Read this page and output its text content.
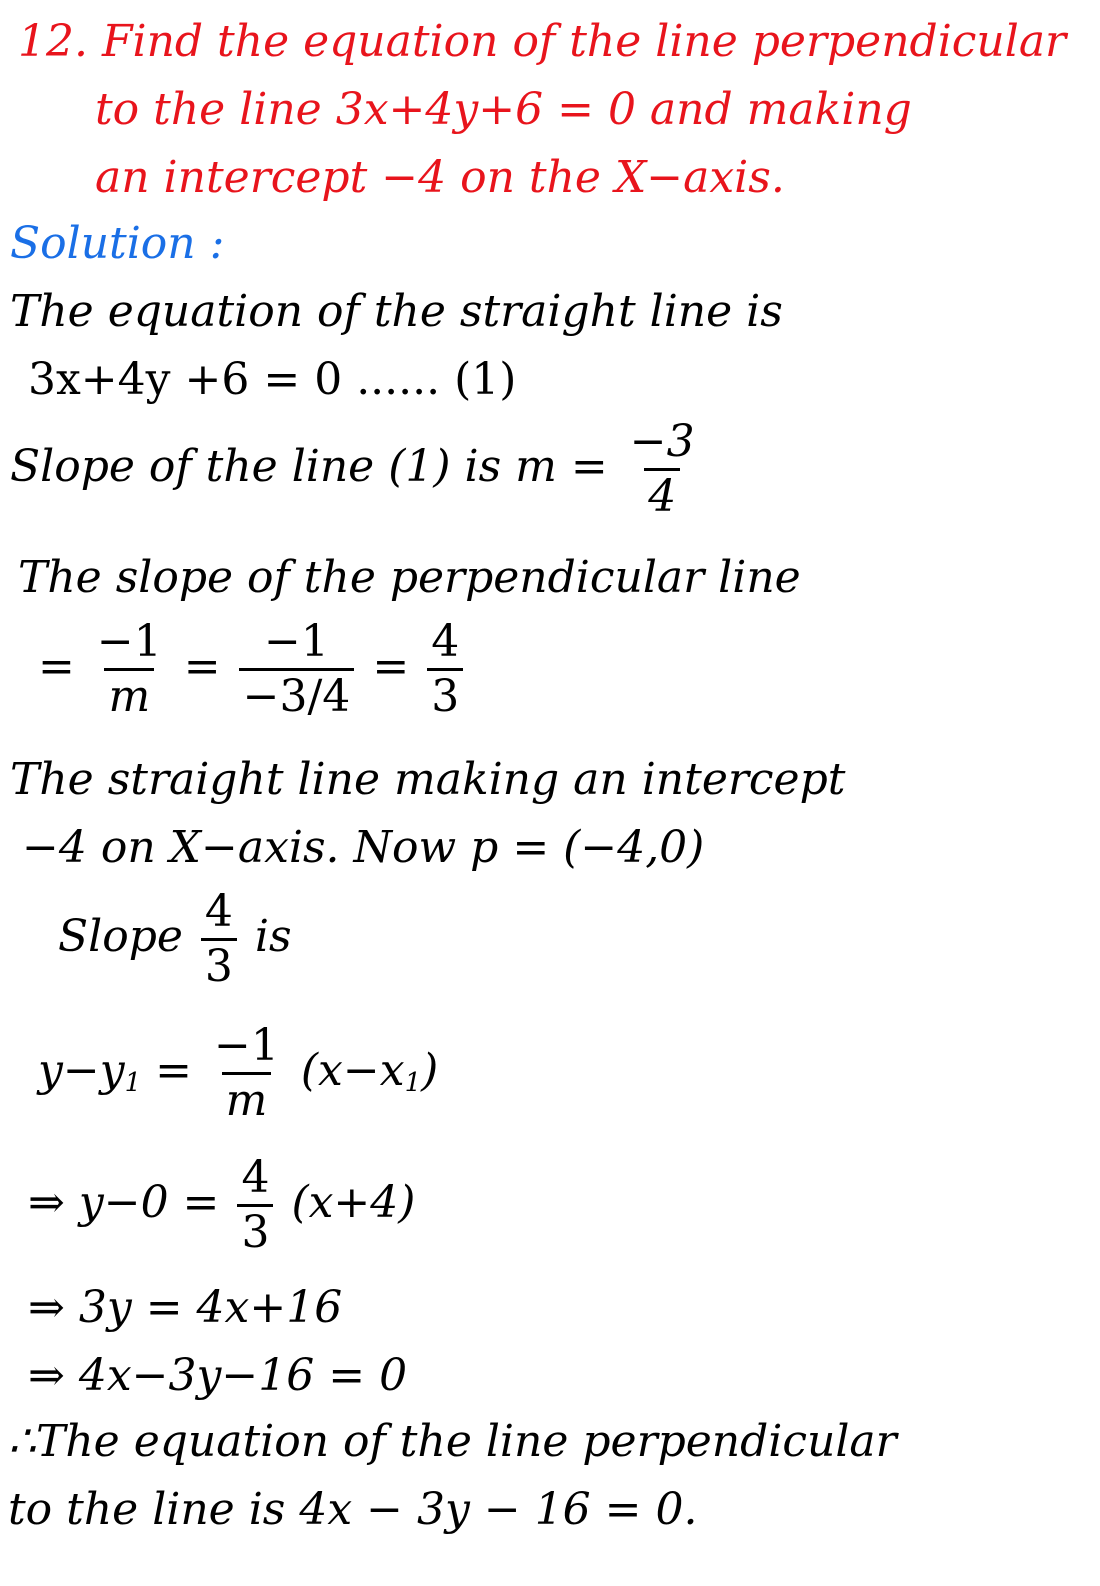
12. Find the equation of the line perpendicular
to the line 3x+4y+6 = 0 and making
an intercept −4 on the X−axis.
Solution :
The equation of the straight line is
3x+4y +6 = 0 ...... (1)
Slope of the line (1) is $m = \frac{-3}{4}$
The slope of the perpendicular line
= $\frac{-1}{m} = \frac{-1}{-3/4} = \frac{4}{3}$
The straight line making an intercept
−4 on X−axis. Now p = (−4,0)
Slope $\frac{4}{3}$ is
$y-y_1 = \frac{-1}{m} (x-x_1)$
⇒ $y-0 = \frac{4}{3} (x+4)$
⇒ 3y = 4x+16
⇒ 4x−3y−16 = 0
∴The equation of the line perpendicular
to the line is 4x − 3y − 16 = 0.
